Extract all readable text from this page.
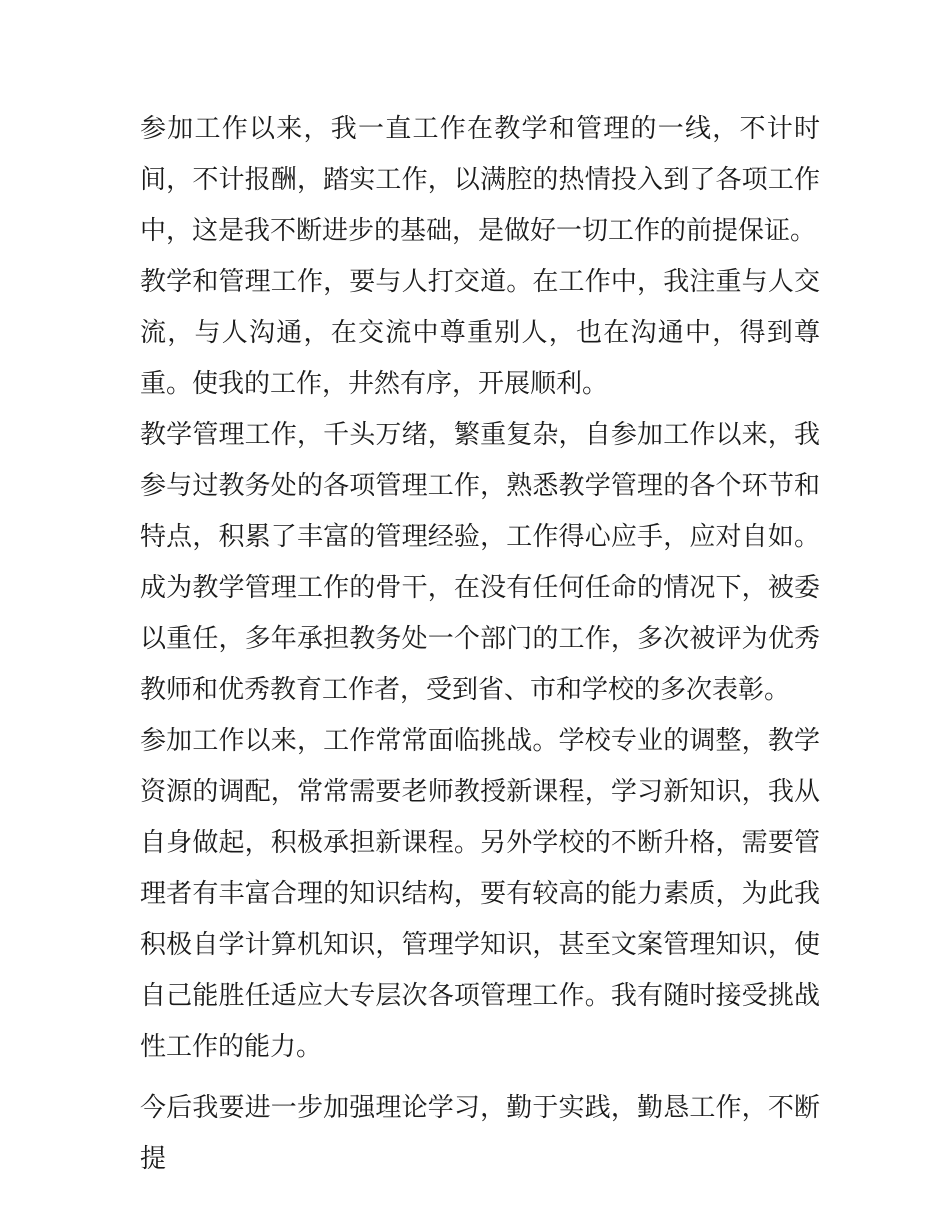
参加工作以来，我一直工作在教学和管理的一线，不计时间，不计报酬，踏实工作，以满腔的热情投入到了各项工作中，这是我不断进步的基础，是做好一切工作的前提保证。

教学和管理工作，要与人打交道。在工作中，我注重与人交流，与人沟通，在交流中尊重别人，也在沟通中，得到尊重。使我的工作，井然有序，开展顺利。

教学管理工作，千头万绪，繁重复杂，自参加工作以来，我参与过教务处的各项管理工作，熟悉教学管理的各个环节和特点，积累了丰富的管理经验，工作得心应手，应对自如。成为教学管理工作的骨干，在没有任何任命的情况下，被委以重任，多年承担教务处一个部门的工作，多次被评为优秀教师和优秀教育工作者，受到省、市和学校的多次表彰。

参加工作以来，工作常常面临挑战。学校专业的调整，教学资源的调配，常常需要老师教授新课程，学习新知识，我从自身做起，积极承担新课程。另外学校的不断升格，需要管理者有丰富合理的知识结构，要有较高的能力素质，为此我积极自学计算机知识，管理学知识，甚至文案管理知识，使自己能胜任适应大专层次各项管理工作。我有随时接受挑战性工作的能力。

今后我要进一步加强理论学习，勤于实践，勤恳工作，不断提
